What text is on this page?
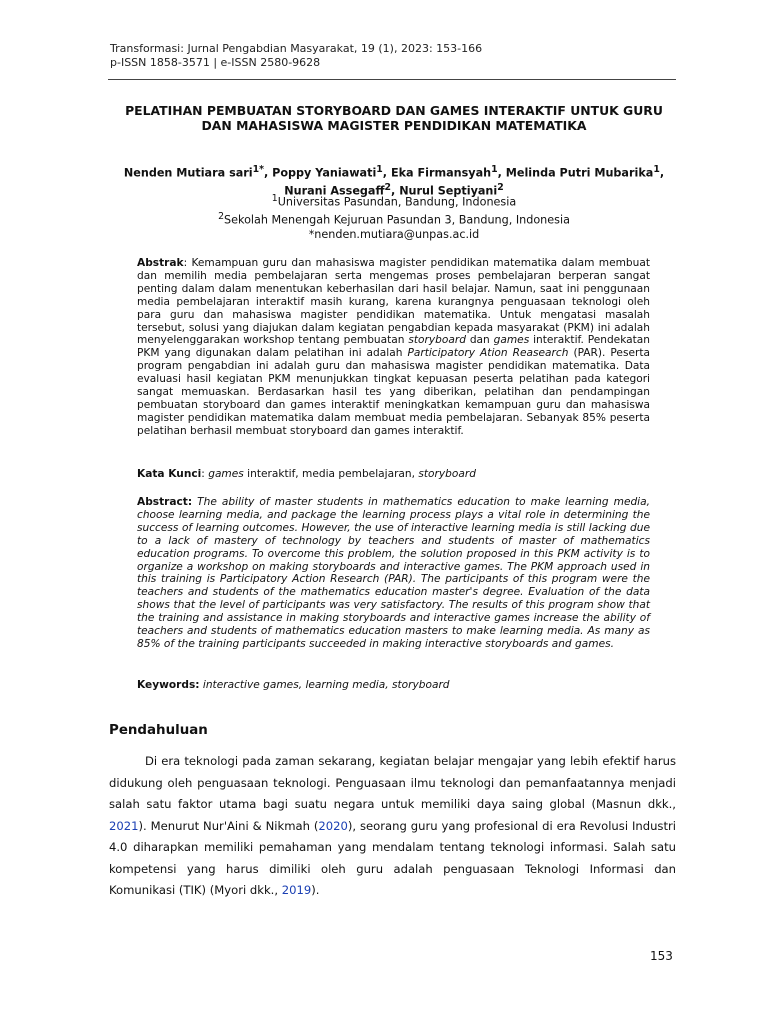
Transformasi: Jurnal Pengabdian Masyarakat, 19 (1), 2023: 153-166
p-ISSN 1858-3571 | e-ISSN 2580-9628
PELATIHAN PEMBUATAN STORYBOARD DAN GAMES INTERAKTIF UNTUK GURU
DAN MAHASISWA MAGISTER PENDIDIKAN MATEMATIKA
Nenden Mutiara sari$^{1*}$, Poppy Yaniawati$^1$, Eka Firmansyah$^1$, Melinda Putri Mubarika$^1$,
Nurani Assegaff$^2$, Nurul Septiyani$^2$
$^1$Universitas Pasundan, Bandung, Indonesia
$^2$Sekolah Menengah Kejuruan Pasundan 3, Bandung, Indonesia
*nenden.mutiara@unpas.ac.id
Abstrak: Kemampuan guru dan mahasiswa magister pendidikan matematika dalam membuat dan memilih media pembelajaran serta mengemas proses pembelajaran berperan sangat penting dalam dalam menentukan keberhasilan dari hasil belajar. Namun, saat ini penggunaan media pembelajaran interaktif masih kurang, karena kurangnya penguasaan teknologi oleh para guru dan mahasiswa magister pendidikan matematika. Untuk mengatasi masalah tersebut, solusi yang diajukan dalam kegiatan pengabdian kepada masyarakat (PKM) ini adalah menyelenggarakan workshop tentang pembuatan storyboard dan games interaktif. Pendekatan PKM yang digunakan dalam pelatihan ini adalah Participatory Ation Reasearch (PAR). Peserta program pengabdian ini adalah guru dan mahasiswa magister pendidikan matematika. Data evaluasi hasil kegiatan PKM menunjukkan tingkat kepuasan peserta pelatihan pada kategori sangat memuaskan. Berdasarkan hasil tes yang diberikan, pelatihan dan pendampingan pembuatan storyboard dan games interaktif meningkatkan kemampuan guru dan mahasiswa magister pendidikan matematika dalam membuat media pembelajaran. Sebanyak 85% peserta pelatihan berhasil membuat storyboard dan games interaktif.
Kata Kunci: games interaktif, media pembelajaran, storyboard
Abstract: The ability of master students in mathematics education to make learning media, choose learning media, and package the learning process plays a vital role in determining the success of learning outcomes. However, the use of interactive learning media is still lacking due to a lack of mastery of technology by teachers and students of master of mathematics education programs. To overcome this problem, the solution proposed in this PKM activity is to organize a workshop on making storyboards and interactive games. The PKM approach used in this training is Participatory Action Research (PAR). The participants of this program were the teachers and students of the mathematics education master's degree. Evaluation of the data shows that the level of participants was very satisfactory. The results of this program show that the training and assistance in making storyboards and interactive games increase the ability of teachers and students of mathematics education masters to make learning media. As many as 85% of the training participants succeeded in making interactive storyboards and games.
Keywords: interactive games, learning media, storyboard
Pendahuluan
Di era teknologi pada zaman sekarang, kegiatan belajar mengajar yang lebih efektif harus didukung oleh penguasaan teknologi. Penguasaan ilmu teknologi dan pemanfaatannya menjadi salah satu faktor utama bagi suatu negara untuk memiliki daya saing global (Masnun dkk., 2021). Menurut Nur'Aini & Nikmah (2020), seorang guru yang profesional di era Revolusi Industri 4.0 diharapkan memiliki pemahaman yang mendalam tentang teknologi informasi. Salah satu kompetensi yang harus dimiliki oleh guru adalah penguasaan Teknologi Informasi dan Komunikasi (TIK) (Myori dkk., 2019).
153
